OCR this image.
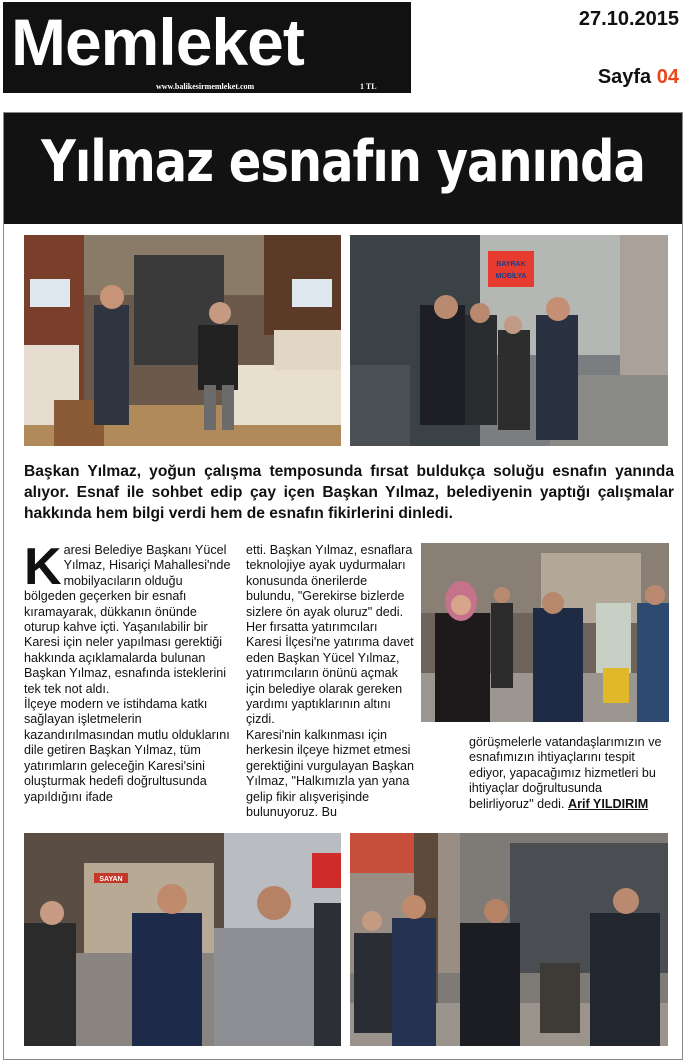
Memleket
www.balikesirmemleket.com	1 TL
27.10.2015
Sayfa 04
Yılmaz esnafın yanında
BAYRAK
MOBİLYA
Başkan Yılmaz, yoğun çalışma temposunda fırsat buldukça soluğu esnafın yanında alıyor. Esnaf ile sohbet edip çay içen Başkan Yılmaz, belediyenin yaptığı çalışmalar hakkında hem bilgi verdi hem de esnafın fikirlerini dinledi.

Karesi Belediye Başkanı Yücel Yılmaz, Hisariçi Mahallesi'nde mobilyacıların olduğu bölgeden geçerken bir esnafı kıramayarak, dükkanın önünde oturup kahve içti. Yaşanılabilir bir Karesi için neler yapılması gerektiği hakkında açıklamalarda bulunan Başkan Yılmaz, esnafında isteklerini tek tek not aldı.

İlçeye modern ve istihdama katkı sağlayan işletmelerin kazandırılmasından mutlu olduklarını dile getiren Başkan Yılmaz, tüm yatırımların geleceğin Karesi'sini oluşturmak hedefi doğrultusunda yapıldığını ifade

etti. Başkan Yılmaz, esnaflara teknolojiye ayak uydurmaları konusunda önerilerde bulundu, "Gerekirse bizlerde sizlere ön ayak oluruz" dedi.

Her fırsatta yatırımcıları Karesi İlçesi'ne yatırıma davet eden Başkan Yücel Yılmaz, yatırımcıların önünü açmak için belediye olarak gereken yardımı yaptıklarının altını çizdi.

Karesi'nin kalkınması için herkesin ilçeye hizmet etmesi gerektiğini vurgulayan Başkan Yılmaz, "Halkımızla yan yana gelip fikir alışverişinde bulunuyoruz. Bu

görüşmelerle vatandaşlarımızın ve esnafımızın ihtiyaçlarını tespit ediyor, yapacağımız hizmetleri bu ihtiyaçlar doğrultusunda belirliyoruz" dedi. Arif YILDIRIM

SAYAN
